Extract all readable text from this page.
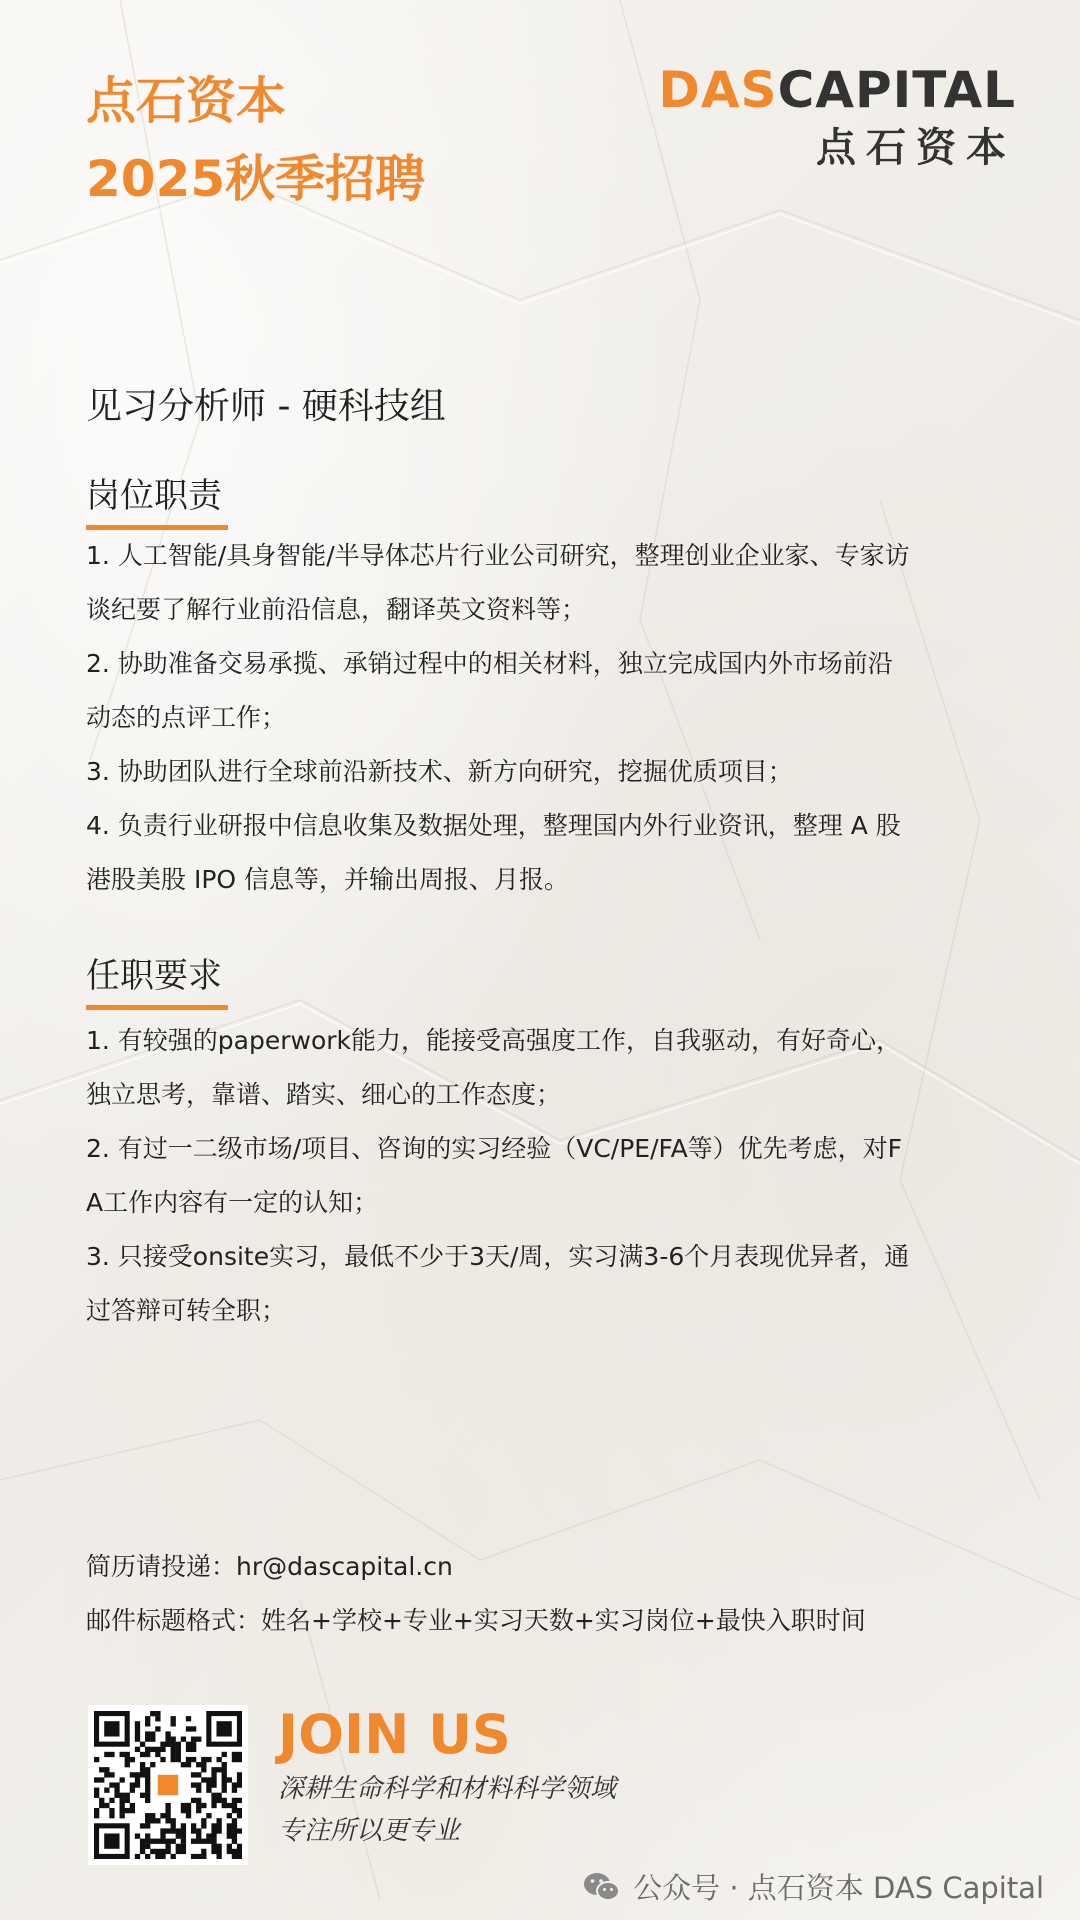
点石资本
2025秋季招聘
DASCAPITAL
点石资本
见习分析师 - 硬科技组
岗位职责
1. 人工智能/具身智能/半导体芯片行业公司研究，整理创业企业家、专家访
谈纪要了解行业前沿信息，翻译英文资料等；
2. 协助准备交易承揽、承销过程中的相关材料，独立完成国内外市场前沿
动态的点评工作；
3. 协助团队进行全球前沿新技术、新方向研究，挖掘优质项目；
4. 负责行业研报中信息收集及数据处理，整理国内外行业资讯，整理 A 股
港股美股 IPO 信息等，并输出周报、月报。
任职要求
1. 有较强的paperwork能力，能接受高强度工作，自我驱动，有好奇心，
独立思考，靠谱、踏实、细心的工作态度；
2. 有过一二级市场/项目、咨询的实习经验（VC/PE/FA等）优先考虑，对F
A工作内容有一定的认知；
3. 只接受onsite实习，最低不少于3天/周，实习满3-6个月表现优异者，通
过答辩可转全职；
简历请投递：hr@dascapital.cn
邮件标题格式：姓名+学校+专业+实习天数+实习岗位+最快入职时间
JOIN US
深耕生命科学和材料科学领域
专注所以更专业
公众号 · 点石资本 DAS Capital
